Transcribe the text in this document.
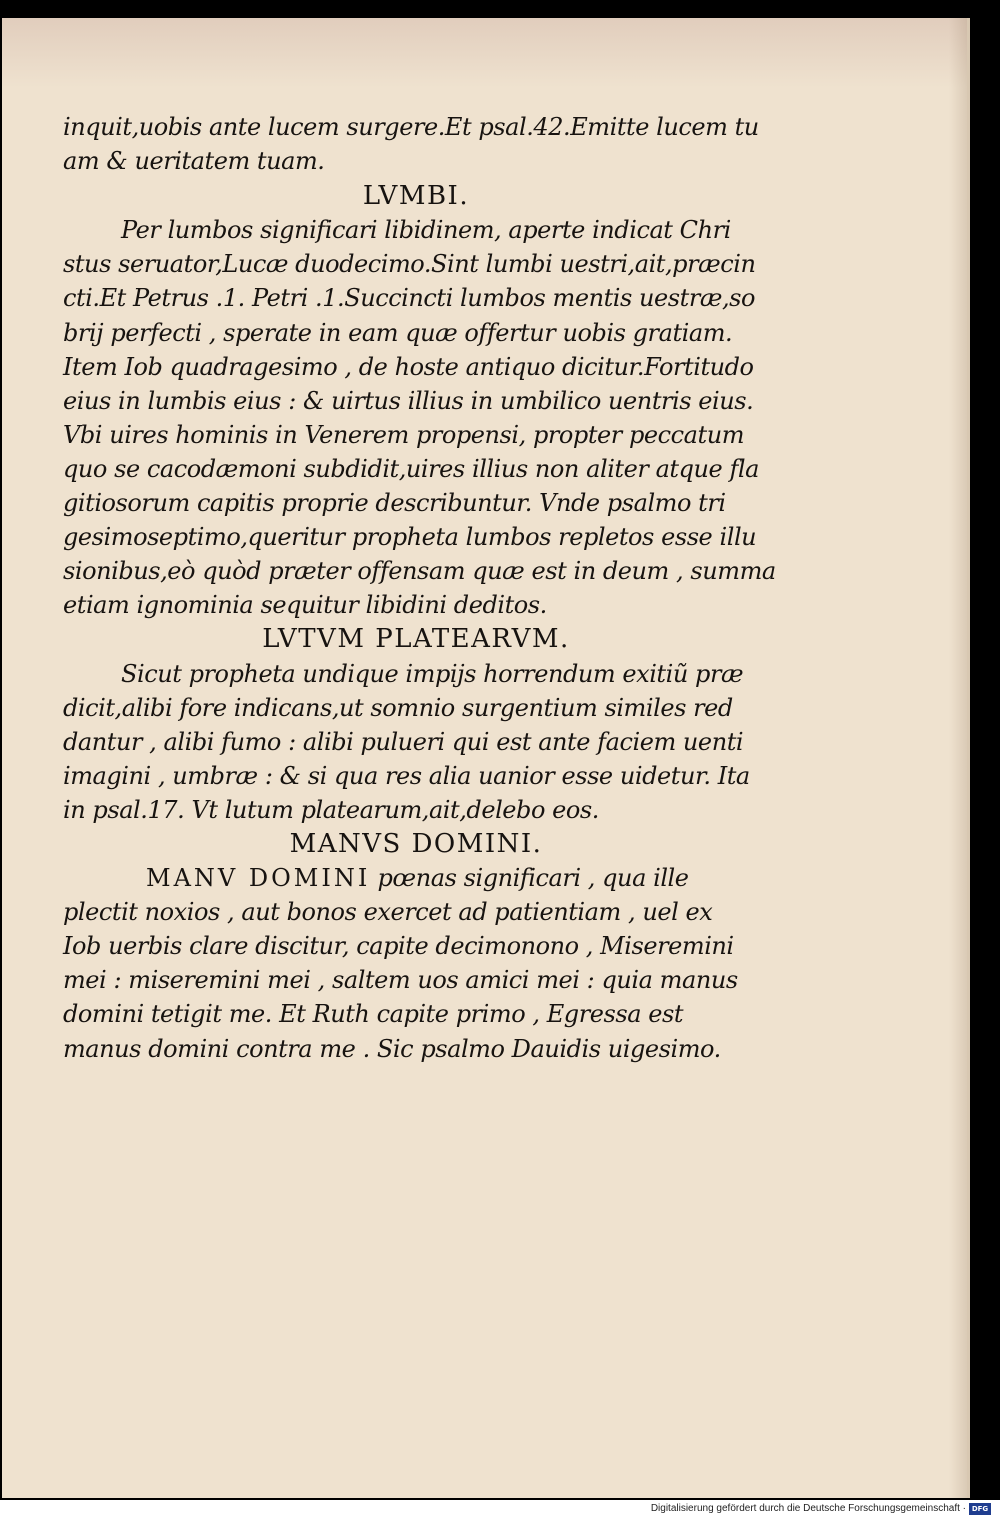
inquit,uobis ante lucem surgere.Et psal.42.Emitte lucem tu
am & ueritatem tuam.
LVMBI.
Per lumbos significari libidinem, aperte indicat Chri
stus seruator,Lucæ duodecimo.Sint lumbi uestri,ait,præcin
cti.Et Petrus .1. Petri .1.Succincti lumbos mentis uestræ,so
brij perfecti , sperate in eam quæ offertur uobis gratiam.
Item Iob quadragesimo , de hoste antiquo dicitur.Fortitudo
eius in lumbis eius : & uirtus illius in umbilico uentris eius.
Vbi uires hominis in Venerem propensi, propter peccatum
quo se cacodæmoni subdidit,uires illius non aliter atque fla
gitiosorum capitis proprie describuntur. Vnde psalmo tri
gesimoseptimo,queritur propheta lumbos repletos esse illu
sionibus,eò quòd præter offensam quæ est in deum , summa
etiam ignominia sequitur libidini deditos.
LVTVM PLATEARVM.
Sicut propheta undique impijs horrendum exitiũ præ
dicit,alibi fore indicans,ut somnio surgentium similes red
dantur , alibi fumo : alibi pulueri qui est ante faciem uenti
imagini , umbræ : & si qua res alia uanior esse uidetur. Ita
in psal.17. Vt lutum platearum,ait,delebo eos.
MANVS DOMINI.
MANV DOMINI pœnas significari , qua ille
plectit noxios , aut bonos exercet ad patientiam , uel ex
Iob uerbis clare discitur, capite decimonono , Miseremini
mei : miseremini mei , saltem uos amici mei : quia manus
domini tetigit me. Et Ruth capite primo , Egressa est
manus domini contra me . Sic psalmo Dauidis uigesimo.
Digitalisierung gefördert durch die Deutsche Forschungsgemeinschaft · DFG
